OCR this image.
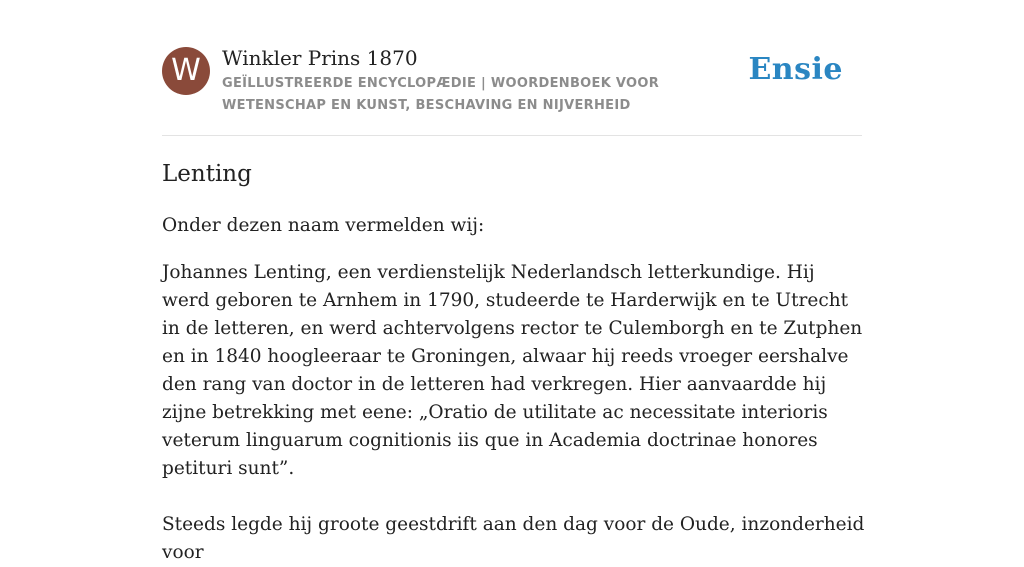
W	Winkler Prins 1870
GEÏLLUSTREERDE ENCYCLOPÆDIE | WOORDENBOEK VOOR WETENSCHAP EN KUNST, BESCHAVING EN NIJVERHEID
Ensie
Lenting

Onder dezen naam vermelden wij:

Johannes Lenting, een verdienstelijk Nederlandsch letterkundige. Hij werd geboren te Arnhem in 1790, studeerde te Harderwijk en te Utrecht in de letteren, en werd achtervolgens rector te Culemborgh en te Zutphen en in 1840 hoogleeraar te Groningen, alwaar hij reeds vroeger eershalve den rang van doctor in de letteren had verkregen. Hier aanvaardde hij zijne betrekking met eene: „Oratio de utilitate ac necessitate interioris veterum linguarum cognitionis iis que in Academia doctrinae honores petituri sunt”.

Steeds legde hij groote geestdrift aan den dag voor de Oude, inzonderheid voor
